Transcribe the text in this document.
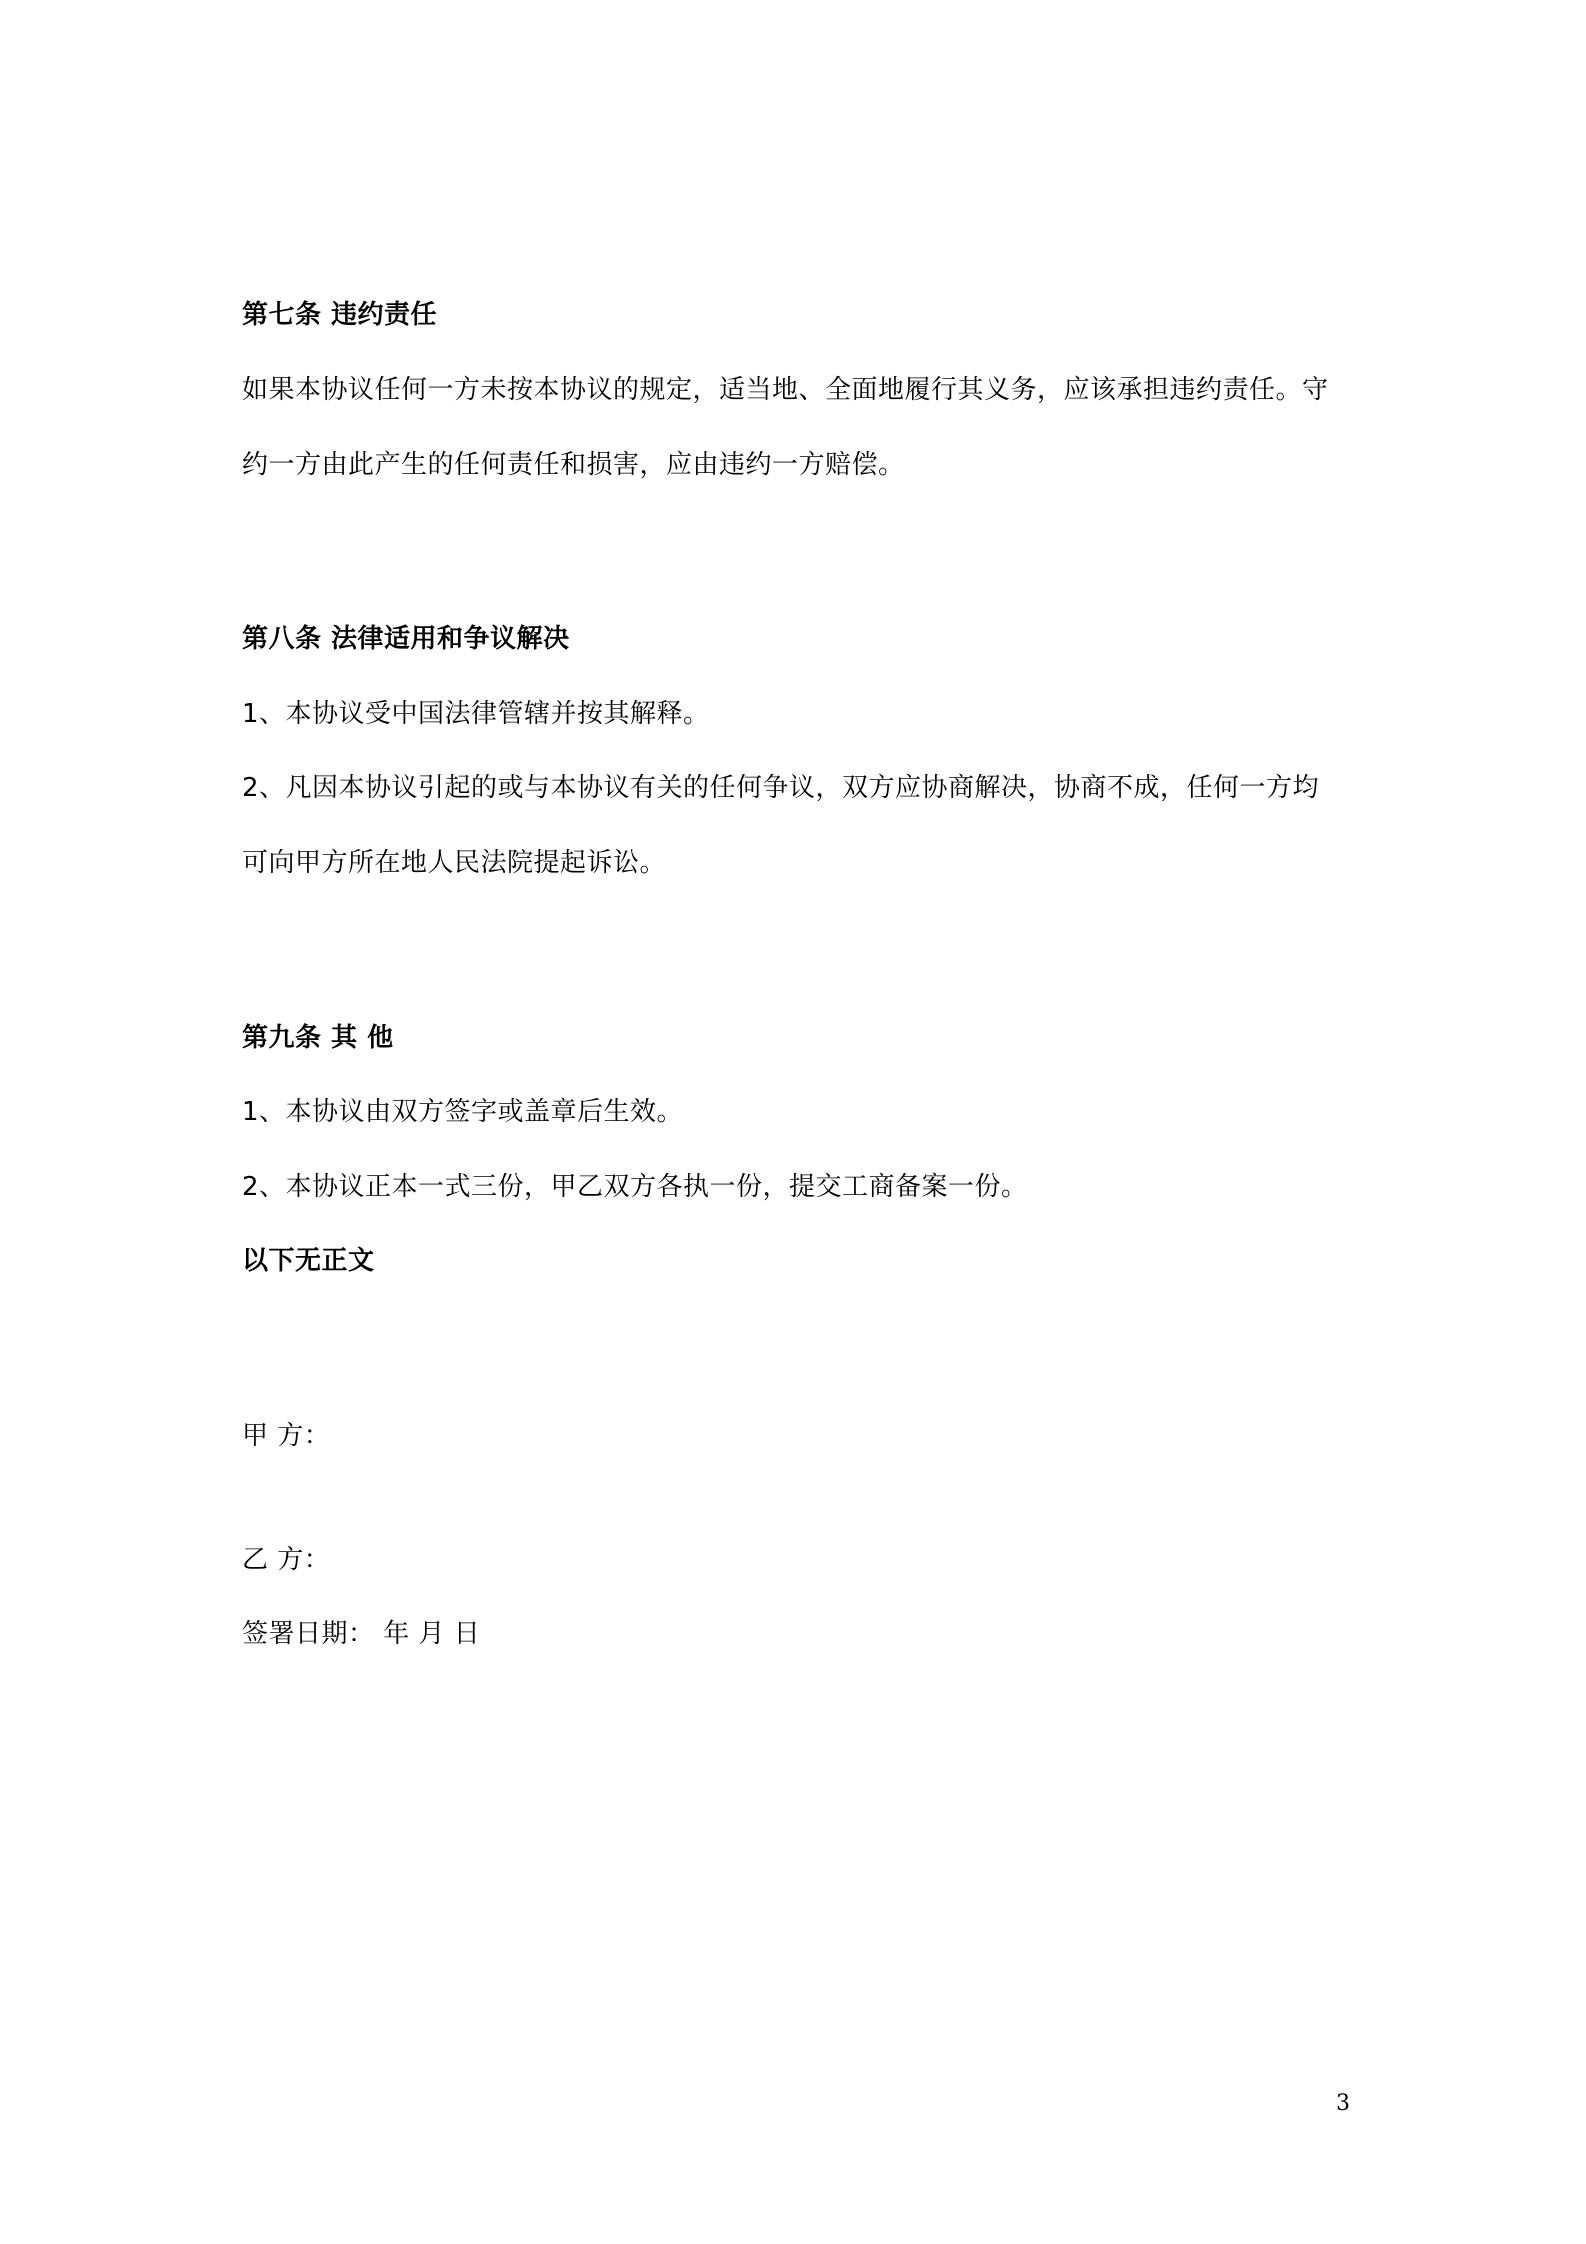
第七条 违约责任
如果本协议任何一方未按本协议的规定，适当地、全面地履行其义务，应该承担违约责任。守
约一方由此产生的任何责任和损害，应由违约一方赔偿。
第八条 法律适用和争议解决
1、本协议受中国法律管辖并按其解释。
2、凡因本协议引起的或与本协议有关的任何争议，双方应协商解决，协商不成，任何一方均
可向甲方所在地人民法院提起诉讼。
第九条 其 他
1、本协议由双方签字或盖章后生效。
2、本协议正本一式三份，甲乙双方各执一份，提交工商备案一份。
以下无正文
甲 方：
乙 方：
签署日期： 年 月 日
3
